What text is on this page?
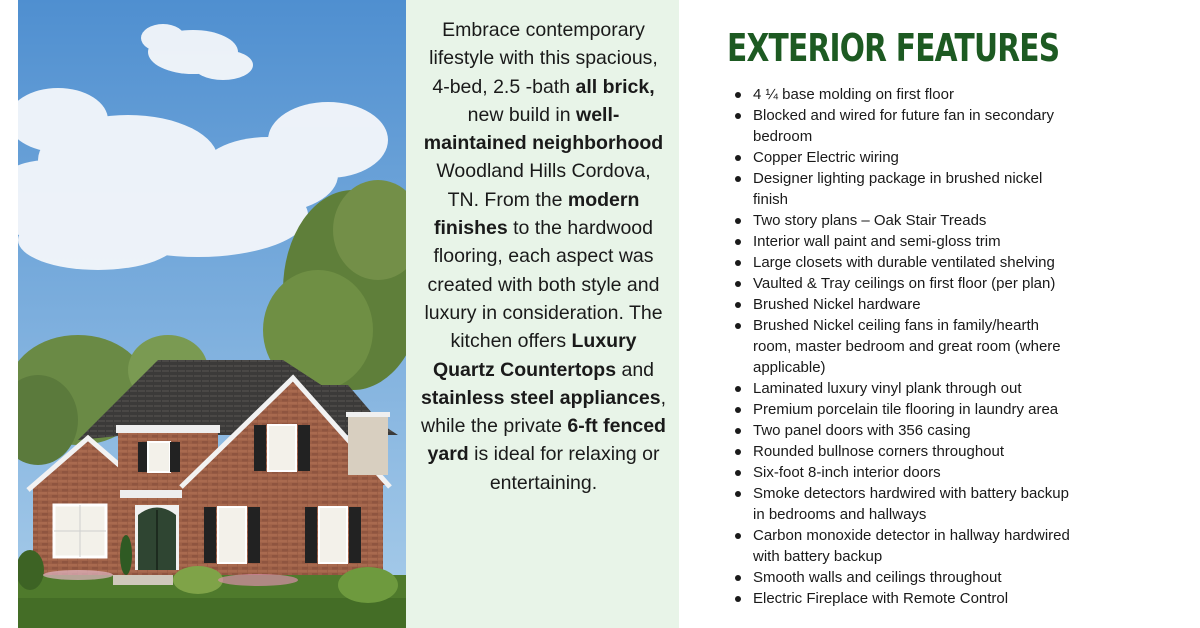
Embrace contemporary lifestyle with this spacious,
4-bed, 2.5 -bath all brick, new build in well-maintained neighborhood Woodland Hills Cordova, TN. From the modern finishes to the hardwood flooring, each aspect was created with both style and luxury in consideration. The kitchen offers Luxury Quartz Countertops and stainless steel appliances, while the private 6-ft fenced yard is ideal for relaxing or entertaining.

EXTERIOR FEATURES
4 ¼ base molding on first floor
Blocked and wired for future fan in secondary bedroom
Copper Electric wiring
Designer lighting package in brushed nickel finish
Two story plans – Oak Stair Treads
Interior wall paint and semi-gloss trim
Large closets with durable ventilated shelving
Vaulted & Tray ceilings on first floor (per plan)
Brushed Nickel hardware
Brushed Nickel ceiling fans in family/hearth room, master bedroom and great room (where applicable)
Laminated luxury vinyl plank through out
Premium porcelain tile flooring in laundry area
Two panel doors with 356 casing
Rounded bullnose corners throughout
Six-foot 8-inch interior doors
Smoke detectors hardwired with battery backup in bedrooms and hallways
Carbon monoxide detector in hallway hardwired with battery backup
Smooth walls and ceilings throughout
Electric Fireplace with Remote Control
